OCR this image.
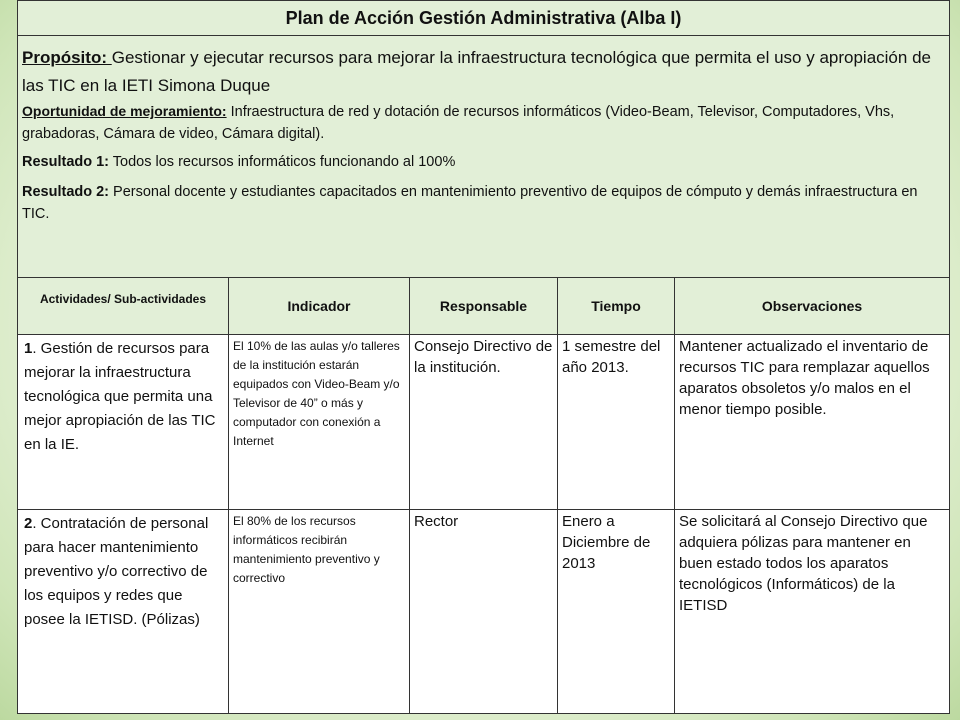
Plan de Acción Gestión Administrativa (Alba I)				

Propósito: Gestionar y ejecutar recursos para mejorar la infraestructura tecnológica que permita el uso y apropiación de las TIC en la IETI Simona Duque

Oportunidad de mejoramiento: Infraestructura de red y dotación de recursos informáticos (Video-Beam, Televisor, Computadores, Vhs, grabadoras, Cámara de video, Cámara digital).

Resultado 1: Todos los recursos informáticos funcionando al 100%

Resultado 2: Personal docente y estudiantes capacitados en mantenimiento preventivo de equipos de cómputo y demás infraestructura en TIC.				

Actividades/ Sub-actividades	Indicador	Responsable	Tiempo	Observaciones
1. Gestión de recursos para mejorar la infraestructura tecnológica que permita una mejor apropiación de las TIC en la IE.	El 10% de las aulas y/o talleres de la institución estarán equipados con Video-Beam y/o Televisor de 40” o más y computador con conexión a Internet	Consejo Directivo de la institución.	1 semestre del año 2013.	Mantener actualizado el inventario de recursos TIC para remplazar aquellos aparatos obsoletos y/o malos en el menor tiempo posible.
2. Contratación de personal para hacer mantenimiento preventivo y/o correctivo de los equipos y redes que posee la IETISD. (Pólizas)	El 80% de los recursos informáticos recibirán mantenimiento preventivo y correctivo	Rector	Enero a Diciembre de 2013	Se solicitará al Consejo Directivo que adquiera pólizas para mantener en buen estado todos los aparatos tecnológicos (Informáticos) de la IETISD
